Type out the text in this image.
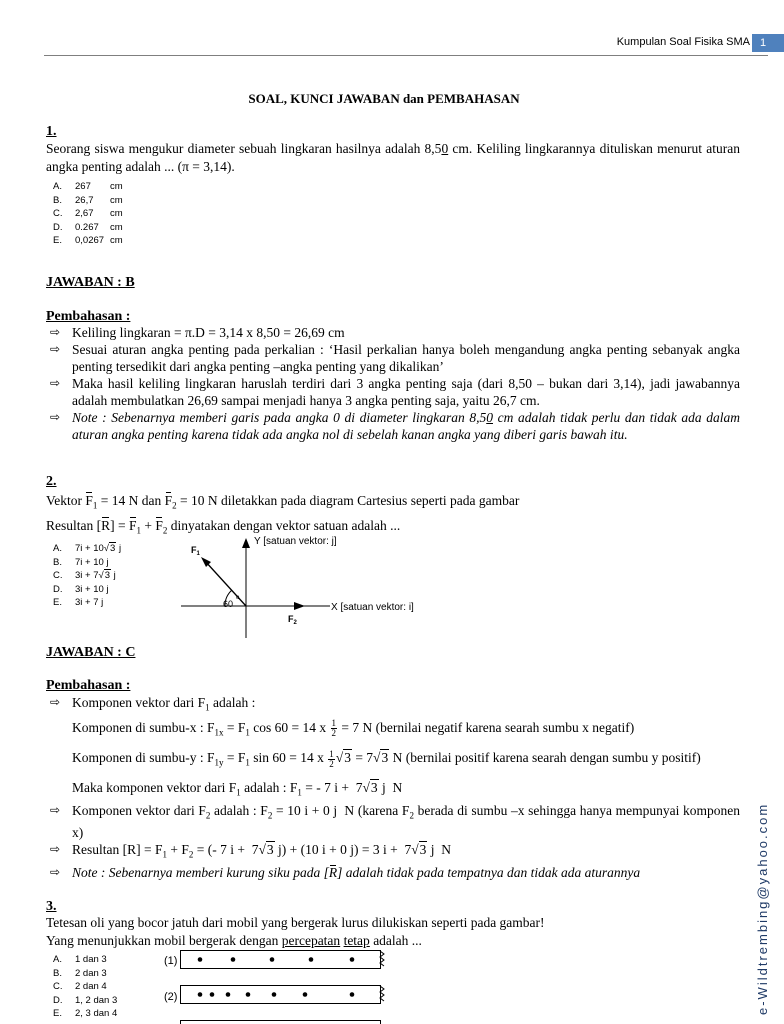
Kumpulan Soal Fisika SMA 1
SOAL, KUNCI JAWABAN dan PEMBAHASAN
1.
Seorang siswa mengukur diameter sebuah lingkaran hasilnya adalah 8,50 cm. Keliling lingkarannya dituliskan menurut aturan angka penting adalah ... (π = 3,14).
A. 267 cm
B. 26,7 cm
C. 2,67 cm
D. 0.267 cm
E. 0,0267 cm
JAWABAN : B
Pembahasan :
⇨ Keliling lingkaran = π.D = 3,14 x 8,50 = 26,69 cm
⇨ Sesuai aturan angka penting pada perkalian : ‘Hasil perkalian hanya boleh mengandung angka penting sebanyak angka penting tersedikit dari angka penting –angka penting yang dikalikan’
⇨ Maka hasil keliling lingkaran haruslah terdiri dari 3 angka penting saja (dari 8,50 – bukan dari 3,14), jadi jawabannya adalah membulatkan 26,69 sampai menjadi hanya 3 angka penting saja, yaitu 26,7 cm.
⇨ Note : Sebenarnya memberi garis pada angka 0 di diameter lingkaran 8,50 cm adalah tidak perlu dan tidak ada dalam aturan angka penting karena tidak ada angka nol di sebelah kanan angka yang diberi garis bawah itu.
2.
Vektor $F_1 = 14$ N dan $F_2 = 10$ N diletakkan pada diagram Cartesius seperti pada gambar
Resultan $[R] = F_1 + F_2$ dinyatakan dengan vektor satuan adalah ...
A. 7i + 10√3 j
B. 7i + 10 j
C. 3i + 7√3 j
D. 3i + 10 j
E. 3i + 7 j	60
o
Y [satuan vektor: j]
X [satuan vektor: i]
$F_1$
$F_2$
JAWABAN : C
Pembahasan :
⇨ Komponen vektor dari $F_1$ adalah :
Komponen di sumbu-x : $F_{1x} = F_1$ cos 60 = 14 x $\frac{1}{2} = 7$ N (bernilai negatif karena searah sumbu x negatif)
Komponen di sumbu-y : $F_{1y} = F_1$ sin 60 = 14 x $\frac{1}{2} √3 = 7√3$ N (bernilai positif karena searah dengan sumbu y positif)
Maka komponen vektor dari $F_1$ adalah : $F_1$ = - 7 i +  7√3 j  N
⇨ Komponen vektor dari $F_2$ adalah : $F_2 = 10$ i + 0 j  N (karena $F_2$ berada di sumbu –x sehingga hanya mempunyai komponen x)
⇨ Resultan $[R] = F_1 + F_2$ = (- 7 i +  7√3 j) + (10 i + 0 j) = 3 i +  7√3 j  N
⇨ Note : Sebenarnya memberi kurung siku pada [R] adalah tidak pada tempatnya dan tidak ada aturannya
3.
Tetesan oli yang bocor jatuh dari mobil yang bergerak lurus dilukiskan seperti pada gambar!
Yang menunjukkan mobil bergerak dengan percepatan tetap adalah ...
A. 1 dan 3
B. 2 dan 3
C. 2 dan 4
D. 1, 2 dan 3
E. 2, 3 dan 4
(1)
(2)	e-Wildtrembing@yahoo.com
